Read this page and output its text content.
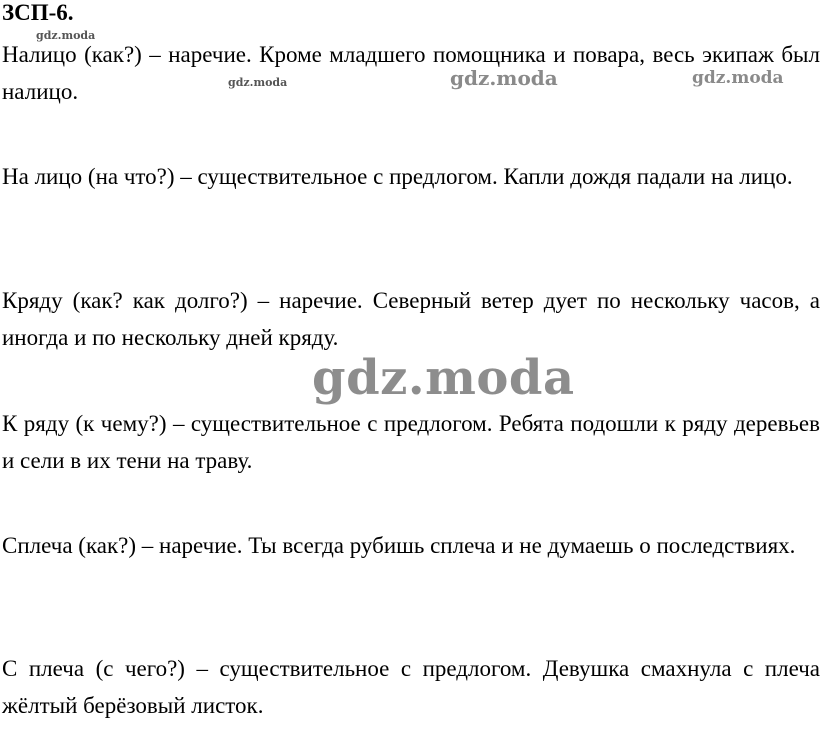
ЗСП-6.
gdz.moda
Налицо (как?) – наречие. Кроме младшего помощника и повара, весь экипаж был налицо.	gdz.moda	gdz.moda	gdz.moda
На лицо (на что?) – существительное с предлогом. Капли дождя падали на лицо.
Кряду (как? как долго?) – наречие. Северный ветер дует по нескольку часов, а иногда и по нескольку дней кряду.
gdz.moda
К ряду (к чему?) – существительное с предлогом. Ребята подошли к ряду деревьев и сели в их тени на траву.
Сплеча (как?) – наречие. Ты всегда рубишь сплеча и не думаешь о последствиях.
С плеча (с чего?) – существительное с предлогом. Девушка смахнула с плеча жёлтый берёзовый листок.
